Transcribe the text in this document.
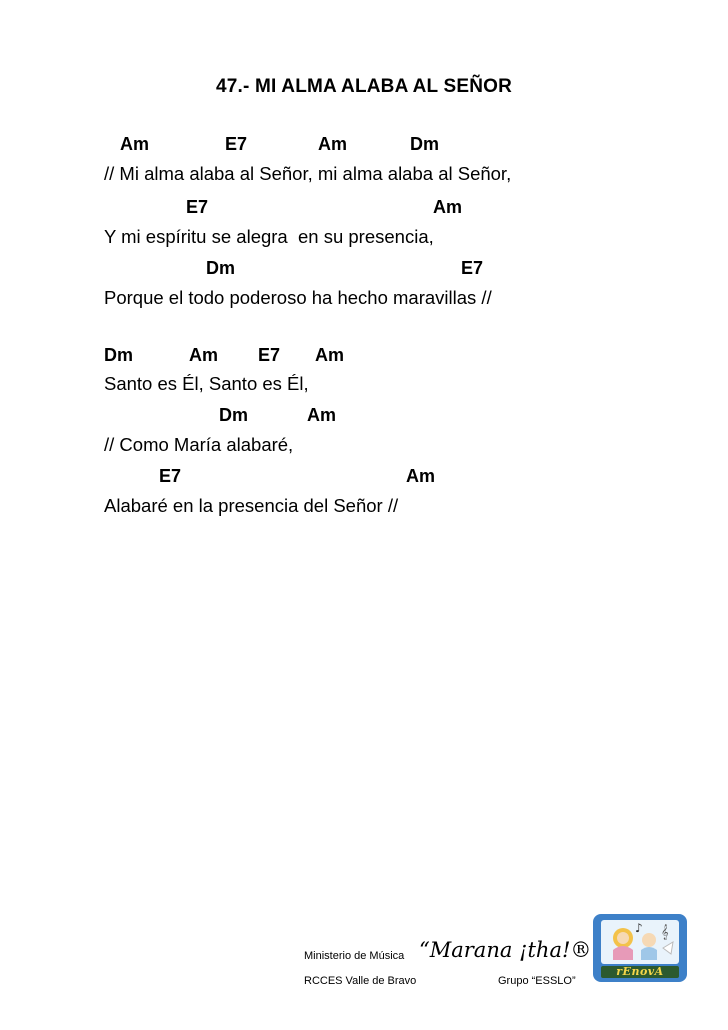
47.- MI ALMA ALABA AL SEÑOR
Am	E7	Am	Dm
// Mi alma alaba al Señor, mi alma alaba al Señor,
E7	Am
Y mi espíritu se alegra  en su presencia,
Dm	E7
Porque el todo poderoso ha hecho maravillas //
Dm	Am E7 Am
Santo es Él, Santo es Él,
Dm	Am
// Como María alabaré,
E7	Am
Alabaré en la presencia del Señor //
Ministerio de Música “Marana ¡tha!®
RCCES Valle de Bravo	Grupo “ESSLO”
♪ 𝄞
rEnovA
